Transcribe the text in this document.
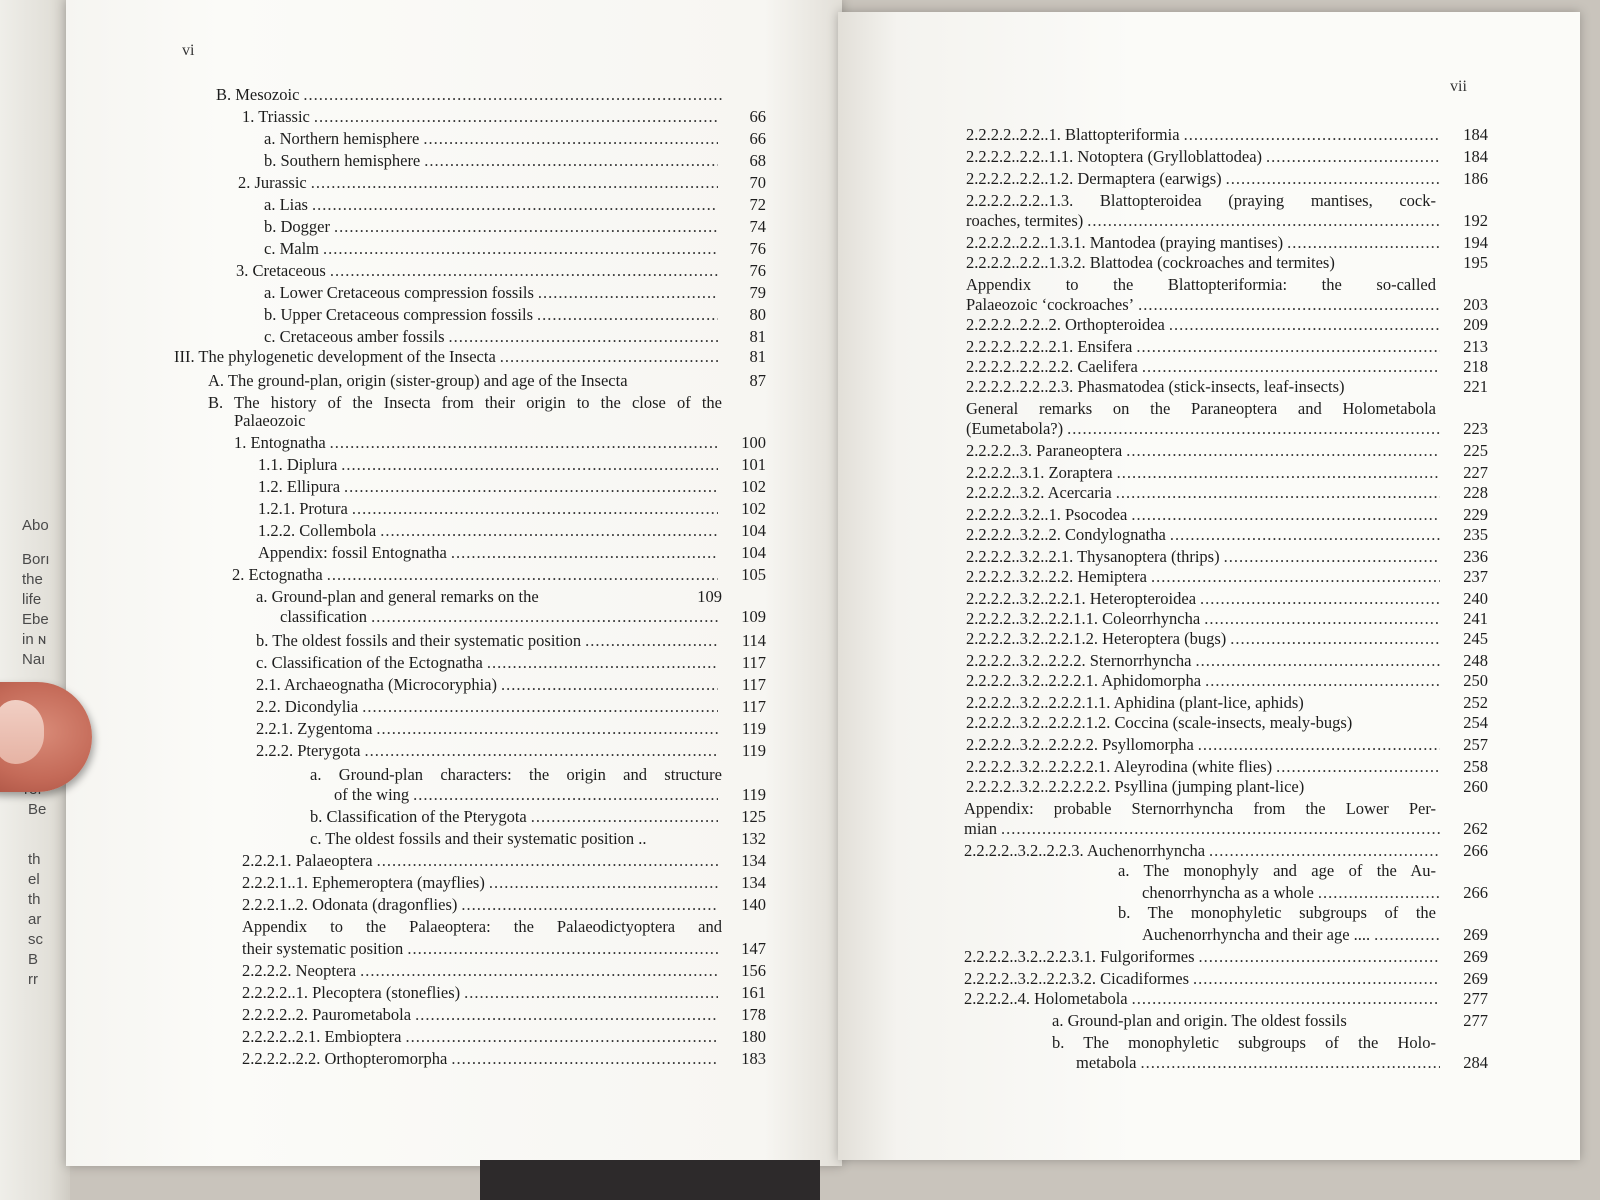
Abo
Borı
the
life
Ebe
in ɴ
Naı
Be
th
el
th
ar
sc
B
rr
vi
B. Mesozoic
.....
1. Triassic .....	66
a. Northern hemisphere .....	66
b. Southern hemisphere .....	68
2. Jurassic .....	70
a. Lias .....	72
b. Dogger .....	74
c. Malm .....	76
3. Cretaceous .....	76
a. Lower Cretaceous compression fossils .....	79
b. Upper Cretaceous compression fossils .....	80
c. Cretaceous amber fossils .....	81
III. The phylogenetic development of the Insecta .....	81
A. The ground-plan, origin (sister-group) and age of the Insecta	87
B. The history of the Insecta from their origin to the close of the
Palaeozoic
1. Entognatha .....	100
1.1. Diplura .....	101
1.2. Ellipura .....	102
1.2.1. Protura .....	102
1.2.2. Collembola .....	104
Appendix: fossil Entognatha .....	104
2. Ectognatha .....	105
a. Ground-plan and general remarks on the	109
classification .....	109
b. The oldest fossils and their systematic position .....	114
c. Classification of the Ectognatha .....	117
2.1. Archaeognatha (Microcoryphia) .....	117
2.2. Dicondylia .....	117
2.2.1. Zygentoma .....	119
2.2.2. Pterygota .....	119
a. Ground-plan characters: the origin and structure
of the wing .....	119
b. Classification of the Pterygota .....	125
c. The oldest fossils and their systematic position ..	132
2.2.2.1. Palaeoptera .....	134
2.2.2.1..1. Ephemeroptera (mayflies) .....	134
2.2.2.1..2. Odonata (dragonflies) .....	140
Appendix to the Palaeoptera: the Palaeodictyoptera and
their systematic position .....	147
2.2.2.2. Neoptera .....	156
2.2.2.2..1. Plecoptera (stoneflies) .....	161
2.2.2.2..2. Paurometabola .....	178
2.2.2.2..2.1. Embioptera .....	180
2.2.2.2..2.2. Orthopteromorpha .....	183
vii
2.2.2.2..2.2..1. Blattopteriformia .....	184
2.2.2.2..2.2..1.1. Notoptera (Grylloblattodea) .....	184
2.2.2.2..2.2..1.2. Dermaptera (earwigs) .....	186
2.2.2.2..2.2..1.3. Blattopteroidea (praying mantises, cock-
roaches, termites) .....	192
2.2.2.2..2.2..1.3.1. Mantodea (praying mantises) .....	194
2.2.2.2..2.2..1.3.2. Blattodea (cockroaches and termites)	195
Appendix to the Blattopteriformia: the so-called
Palaeozoic ‘cockroaches’ .....	203
2.2.2.2..2.2..2. Orthopteroidea .....	209
2.2.2.2..2.2..2.1. Ensifera .....	213
2.2.2.2..2.2..2.2. Caelifera .....	218
2.2.2.2..2.2..2.3. Phasmatodea (stick-insects, leaf-insects)	221
General remarks on the Paraneoptera and Holometabola
(Eumetabola?) .....	223
2.2.2.2..3. Paraneoptera .....	225
2.2.2.2..3.1. Zoraptera .....	227
2.2.2.2..3.2. Acercaria .....	228
2.2.2.2..3.2..1. Psocodea .....	229
2.2.2.2..3.2..2. Condylognatha .....	235
2.2.2.2..3.2..2.1. Thysanoptera (thrips) .....	236
2.2.2.2..3.2..2.2. Hemiptera .....	237
2.2.2.2..3.2..2.2.1. Heteropteroidea .....	240
2.2.2.2..3.2..2.2.1.1. Coleorrhyncha .....	241
2.2.2.2..3.2..2.2.1.2. Heteroptera (bugs) .....	245
2.2.2.2..3.2..2.2.2. Sternorrhyncha .....	248
2.2.2.2..3.2..2.2.2.1. Aphidomorpha .....	250
2.2.2.2..3.2..2.2.2.1.1. Aphidina (plant-lice, aphids)	252
2.2.2.2..3.2..2.2.2.1.2. Coccina (scale-insects, mealy-bugs)	254
2.2.2.2..3.2..2.2.2.2. Psyllomorpha .....	257
2.2.2.2..3.2..2.2.2.2.1. Aleyrodina (white flies) .....	258
2.2.2.2..3.2..2.2.2.2.2. Psyllina (jumping plant-lice)	260
Appendix: probable Sternorrhyncha from the Lower Per-
mian .....	262
2.2.2.2..3.2..2.2.3. Auchenorrhyncha .....	266
a. The monophyly and age of the Au-
chenorrhyncha as a whole .....	266
b. The monophyletic subgroups of the
Auchenorrhyncha and their age .... .....	269
2.2.2.2..3.2..2.2.3.1. Fulgoriformes .....	269
2.2.2.2..3.2..2.2.3.2. Cicadiformes .....	269
2.2.2.2..4. Holometabola .....	277
a. Ground-plan and origin. The oldest fossils	277
b. The monophyletic subgroups of the Holo-
metabola .....	284
